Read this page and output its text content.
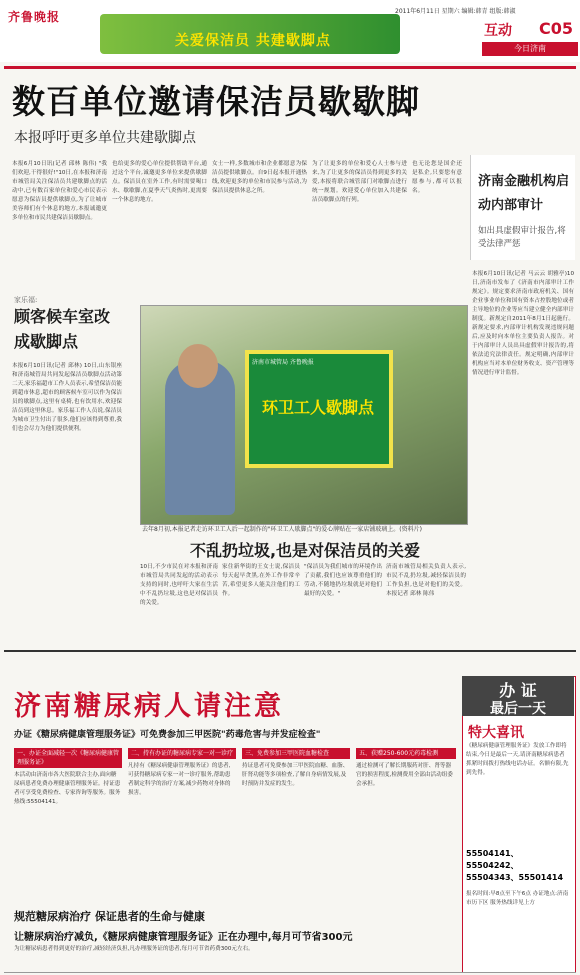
齐鲁晚报
关爱保洁员 共建歇脚点
2011年6月11日 星期六 编辑:韩青 组版:韩淑
互动 C05
今日济南
数百单位邀请保洁员歇歇脚
本报呼吁更多单位共建歇脚点
本报6月10日讯(记者 邱林 陈伟) "我们欢迎,干得很好!"10日,在本报和济南市城管局关注保洁员共建歇脚点的活动中,已有数百家单位和爱心市民表示愿意为保洁员提供歇脚点,为了让城市美容师们有个休息的地方,本报诚邀更多单位和市民共建保洁员歇脚点。
也给更多的爱心单位提供帮助平台,通过这个平台,诚邀更多单位来提供歇脚点。保洁员在室外工作,有时需要喝口水、歇歇脚,在夏季天气炎热时,更需要一个休息的地方。
女士一样,多数城市和企业都愿意为保洁员提供歇脚点。自9日起本报开通热线,欢迎更多的单位和市民参与活动,为保洁员提供休息之所。
为了让更多的单位和爱心人士参与进来,为了让更多的保洁员得到更多的关爱,本报将联合城管部门对歇脚点进行统一规划。欢迎爱心单位加入共建保洁员歇脚点的行列。
也无论您是国企还是私企,只要您有意愿参与,都可以报名。
济南金融机构启动内部审计
如出具虚假审计报告,将受法律严惩
本报6月10日讯(记者 马云云 胡雅亭)10日,济南市发布了《济南市内部审计工作规定》。规定要求济南市政府机关、国有企业事业单位和国有资本占控股地位或者主导地位的企业等应当建立健全内部审计制度。新规定自2011年8月1日起施行。新规定要求,内部审计机构发现违规问题后,应及时向本单位主要负责人报告。对于内部审计人员出具虚假审计报告的,将依法追究法律责任。规定明确,内部审计机构应当对本单位财务收支、资产管理等情况进行审计监督。
家乐福:
顾客候车室改成歇脚点
本报6月10日讯(记者 邱林) 10日,山东银座和济南城管局共同发起保洁员歇脚点活动第二天,家乐福超市工作人员表示,希望保洁员能到超市休息,超市的顾客候车室可以作为保洁员的歇脚点,这里有桌椅,也有饮用水,欢迎保洁员到这里休息。家乐福工作人员说,保洁员为城市卫生付出了很多,他们应该得到尊重,我们也会尽力为他们提供便利。
济南市城管局 齐鲁晚报
环卫工人歇脚点
去年8月初,本报记者走访环卫工人后一起制作的"环卫工人歇脚点"的爱心牌贴在一家店铺玻璃上。(资料片)
不乱扔垃圾,也是对保洁员的关爱
10日,不少市民在对本报和济南市城管局共同发起的活动表示支持的同时,也呼吁大家在生活中不乱扔垃圾,这也是对保洁员的关爱。
家住新华街的王女士说,保洁员每天起早贪黑,在外工作非常辛苦,希望更多人能关注他们的工作。
"保洁员为我们城市的环境作出了贡献,我们也应该尊重他们的劳动,不随地扔垃圾就是对他们最好的关爱。"
济南市城管局相关负责人表示,市民不乱扔垃圾,减轻保洁员的工作负担,也是对他们的关爱。 本报记者 邱林 陈伟
济南糖尿病人请注意
办证《糖尿病健康管理服务证》可免费参加三甲医院"药毒危害与并发症检查"
一、办证全面减轻一次《糖尿病健康管理服务证》
本活动由济南市各大医院联合主办,面向糖尿病患者免费办理健康管理服务证。持证患者可享受免费检查、专家咨询等服务。服务热线:55504141。
二、持有办证的糖尿病专家一对一诊疗
凡持有《糖尿病健康管理服务证》的患者,可获得糖尿病专家一对一诊疗服务,帮助患者制定科学的治疗方案,减少药物对身体的损害。
三、免费参加三甲医院血糖检查
持证患者可免费参加三甲医院血糖、血脂、肝肾功能等多项检查,了解自身病情发展,及时预防并发症的发生。
五、获赠250-600元药毒检测
通过检测可了解长期服药对肝、肾等器官的损害程度,检测费用全部由活动组委会承担。
办 证
最后一天
特大喜讯
《糖尿病健康管理服务证》发放工作即将结束,今日是最后一天,请济南糖尿病患者抓紧时间拨打热线电话办证。名额有限,先到先得。
55504141、55504242、55504343、55501414
报名时间:早8点至下午6点 办证地点:济南市历下区 服务热线详见上方
规范糖尿病治疗 保证患者的生命与健康
让糖尿病治疗减负,《糖尿病健康管理服务证》正在办理中,每月可节省300元
为让糖尿病患者得到更好的治疗,减轻经济负担,凡办理服务证的患者,每月可节省药费300元左右。
